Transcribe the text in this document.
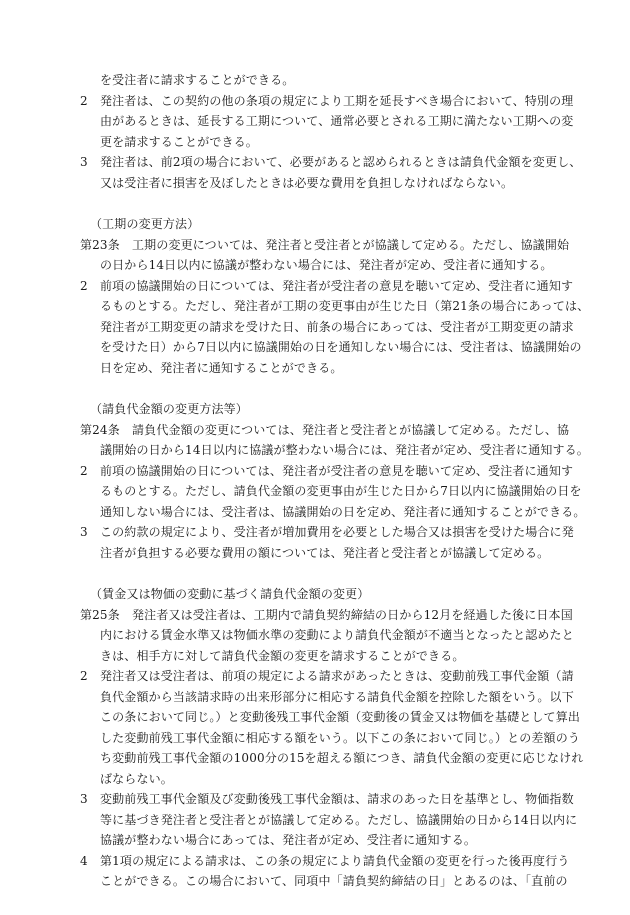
を受注者に請求することができる。
2 発注者は、この契約の他の条項の規定により工期を延長すべき場合において、特別の理
由があるときは、延長する工期について、通常必要とされる工期に満たない工期への変
更を請求することができる。
3 発注者は、前2項の場合において、必要があると認められるときは請負代金額を変更し、
又は受注者に損害を及ぼしたときは必要な費用を負担しなければならない。
（工期の変更方法）
第23条　工期の変更については、発注者と受注者とが協議して定める。ただし、協議開始
の日から14日以内に協議が整わない場合には、発注者が定め、受注者に通知する。
2 前項の協議開始の日については、発注者が受注者の意見を聴いて定め、受注者に通知す
るものとする。ただし、発注者が工期の変更事由が生じた日（第21条の場合にあっては、
発注者が工期変更の請求を受けた日、前条の場合にあっては、受注者が工期変更の請求
を受けた日）から7日以内に協議開始の日を通知しない場合には、受注者は、協議開始の
日を定め、発注者に通知することができる。
（請負代金額の変更方法等）
第24条　請負代金額の変更については、発注者と受注者とが協議して定める。ただし、協
議開始の日から14日以内に協議が整わない場合には、発注者が定め、受注者に通知する。
2 前項の協議開始の日については、発注者が受注者の意見を聴いて定め、受注者に通知す
るものとする。ただし、請負代金額の変更事由が生じた日から7日以内に協議開始の日を
通知しない場合には、受注者は、協議開始の日を定め、発注者に通知することができる。
3 この約款の規定により、受注者が増加費用を必要とした場合又は損害を受けた場合に発
注者が負担する必要な費用の額については、発注者と受注者とが協議して定める。
（賃金又は物価の変動に基づく請負代金額の変更）
第25条　発注者又は受注者は、工期内で請負契約締結の日から12月を経過した後に日本国
内における賃金水準又は物価水準の変動により請負代金額が不適当となったと認めたと
きは、相手方に対して請負代金額の変更を請求することができる。
2 発注者又は受注者は、前項の規定による請求があったときは、変動前残工事代金額（請
負代金額から当該請求時の出来形部分に相応する請負代金額を控除した額をいう。以下
この条において同じ。）と変動後残工事代金額（変動後の賃金又は物価を基礎として算出
した変動前残工事代金額に相応する額をいう。以下この条において同じ。）との差額のう
ち変動前残工事代金額の1000分の15を超える額につき、請負代金額の変更に応じなけれ
ばならない。
3 変動前残工事代金額及び変動後残工事代金額は、請求のあった日を基準とし、物価指数
等に基づき発注者と受注者とが協議して定める。ただし、協議開始の日から14日以内に
協議が整わない場合にあっては、発注者が定め、受注者に通知する。
4 第1項の規定による請求は、この条の規定により請負代金額の変更を行った後再度行う
ことができる。この場合において、同項中「請負契約締結の日」とあるのは、「直前の
